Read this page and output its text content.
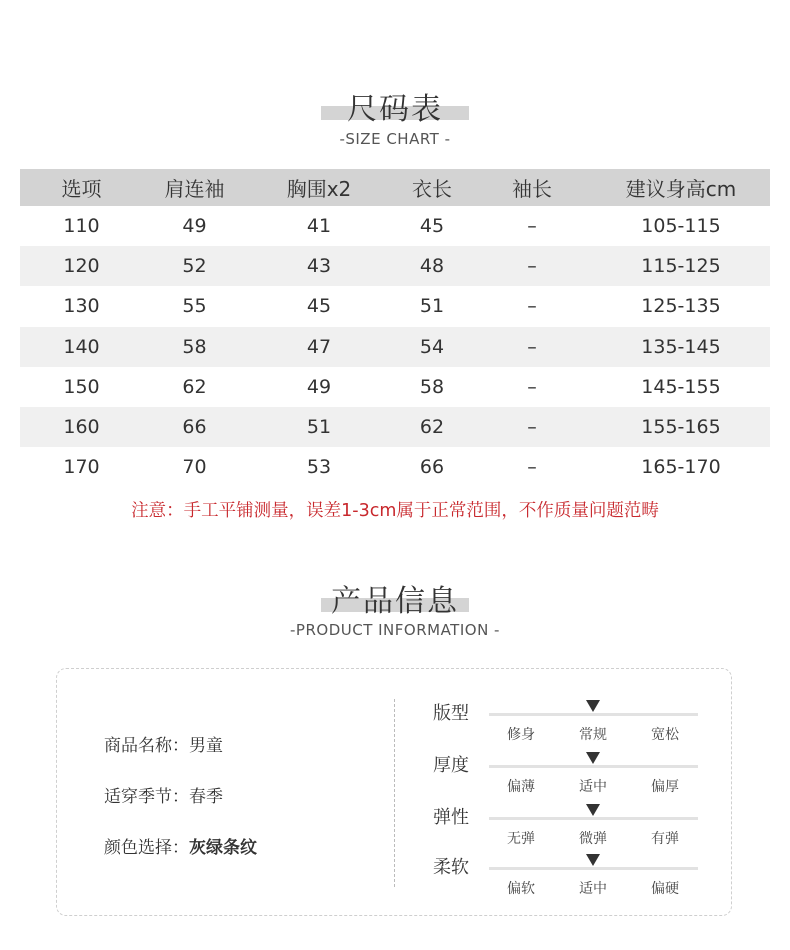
尺码表
-SIZE CHART -
选项	肩连袖	胸围x2	衣长	袖长	建议身高cm
110	49	41	45	–	105-115
120	52	43	48	–	115-125
130	55	45	51	–	125-135
140	58	47	54	–	135-145
150	62	49	58	–	145-155
160	66	51	62	–	155-165
170	70	53	66	–	165-170
注意：手工平铺测量，误差1-3cm属于正常范围，不作质量问题范畴
产品信息
-PRODUCT INFORMATION -
商品名称：男童
适穿季节：春季
颜色选择：灰绿条纹
版型
修身	常规	宽松
厚度
偏薄	适中	偏厚
弹性
无弹	微弹	有弹
柔软
偏软	适中	偏硬
